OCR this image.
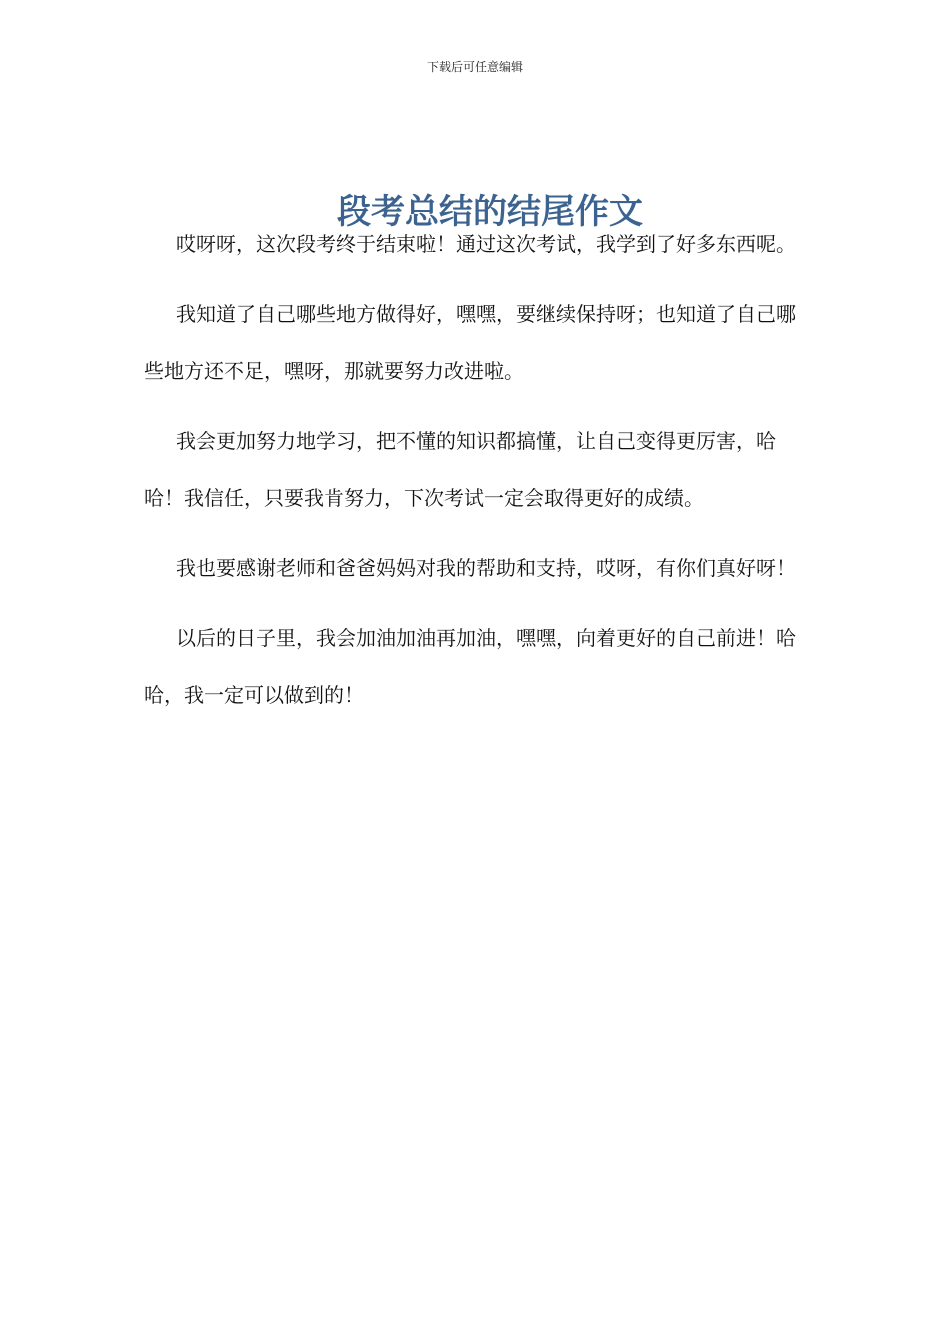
下载后可任意编辑
段考总结的结尾作文

哎呀呀，这次段考终于结束啦！通过这次考试，我学到了好多东西呢。

我知道了自己哪些地方做得好，嘿嘿，要继续保持呀；也知道了自己哪些地方还不足，嘿呀，那就要努力改进啦。

我会更加努力地学习，把不懂的知识都搞懂，让自己变得更厉害，哈哈！我信任，只要我肯努力，下次考试一定会取得更好的成绩。

我也要感谢老师和爸爸妈妈对我的帮助和支持，哎呀，有你们真好呀！

以后的日子里，我会加油加油再加油，嘿嘿，向着更好的自己前进！哈哈，我一定可以做到的！
